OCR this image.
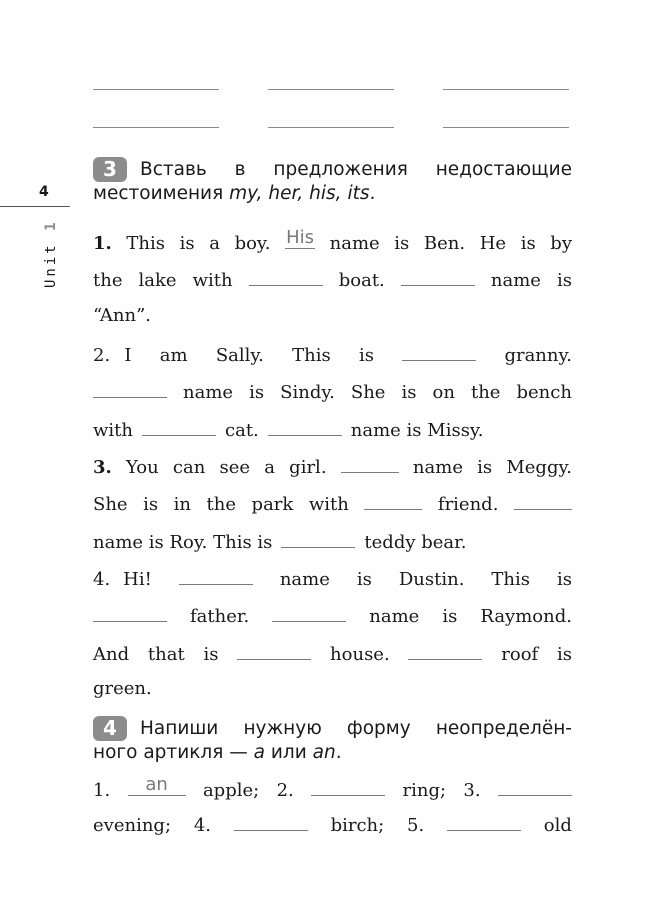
4
Unit 1
3	Вставь в предложения недостающие
местоимения my, her, his, its.
1. This is a boy. His name is Ben. He is by
the lake with	boat.	name is
“Ann”.
2. I am Sally. This is	granny.
name is Sindy. She is on the bench
with	cat.	name is Missy.
3. You can see a girl.	name is Meggy.
She is in the park with	friend.
name is Roy. This is	teddy bear.
4. Hi!	name is Dustin. This is
father.	name is Raymond.
And that is	house.	roof is
green.
4	Напиши нужную форму неопределён-
ного артикля — a или an.
1.	an	apple; 2.	ring; 3.
evening; 4.	birch; 5.	old
